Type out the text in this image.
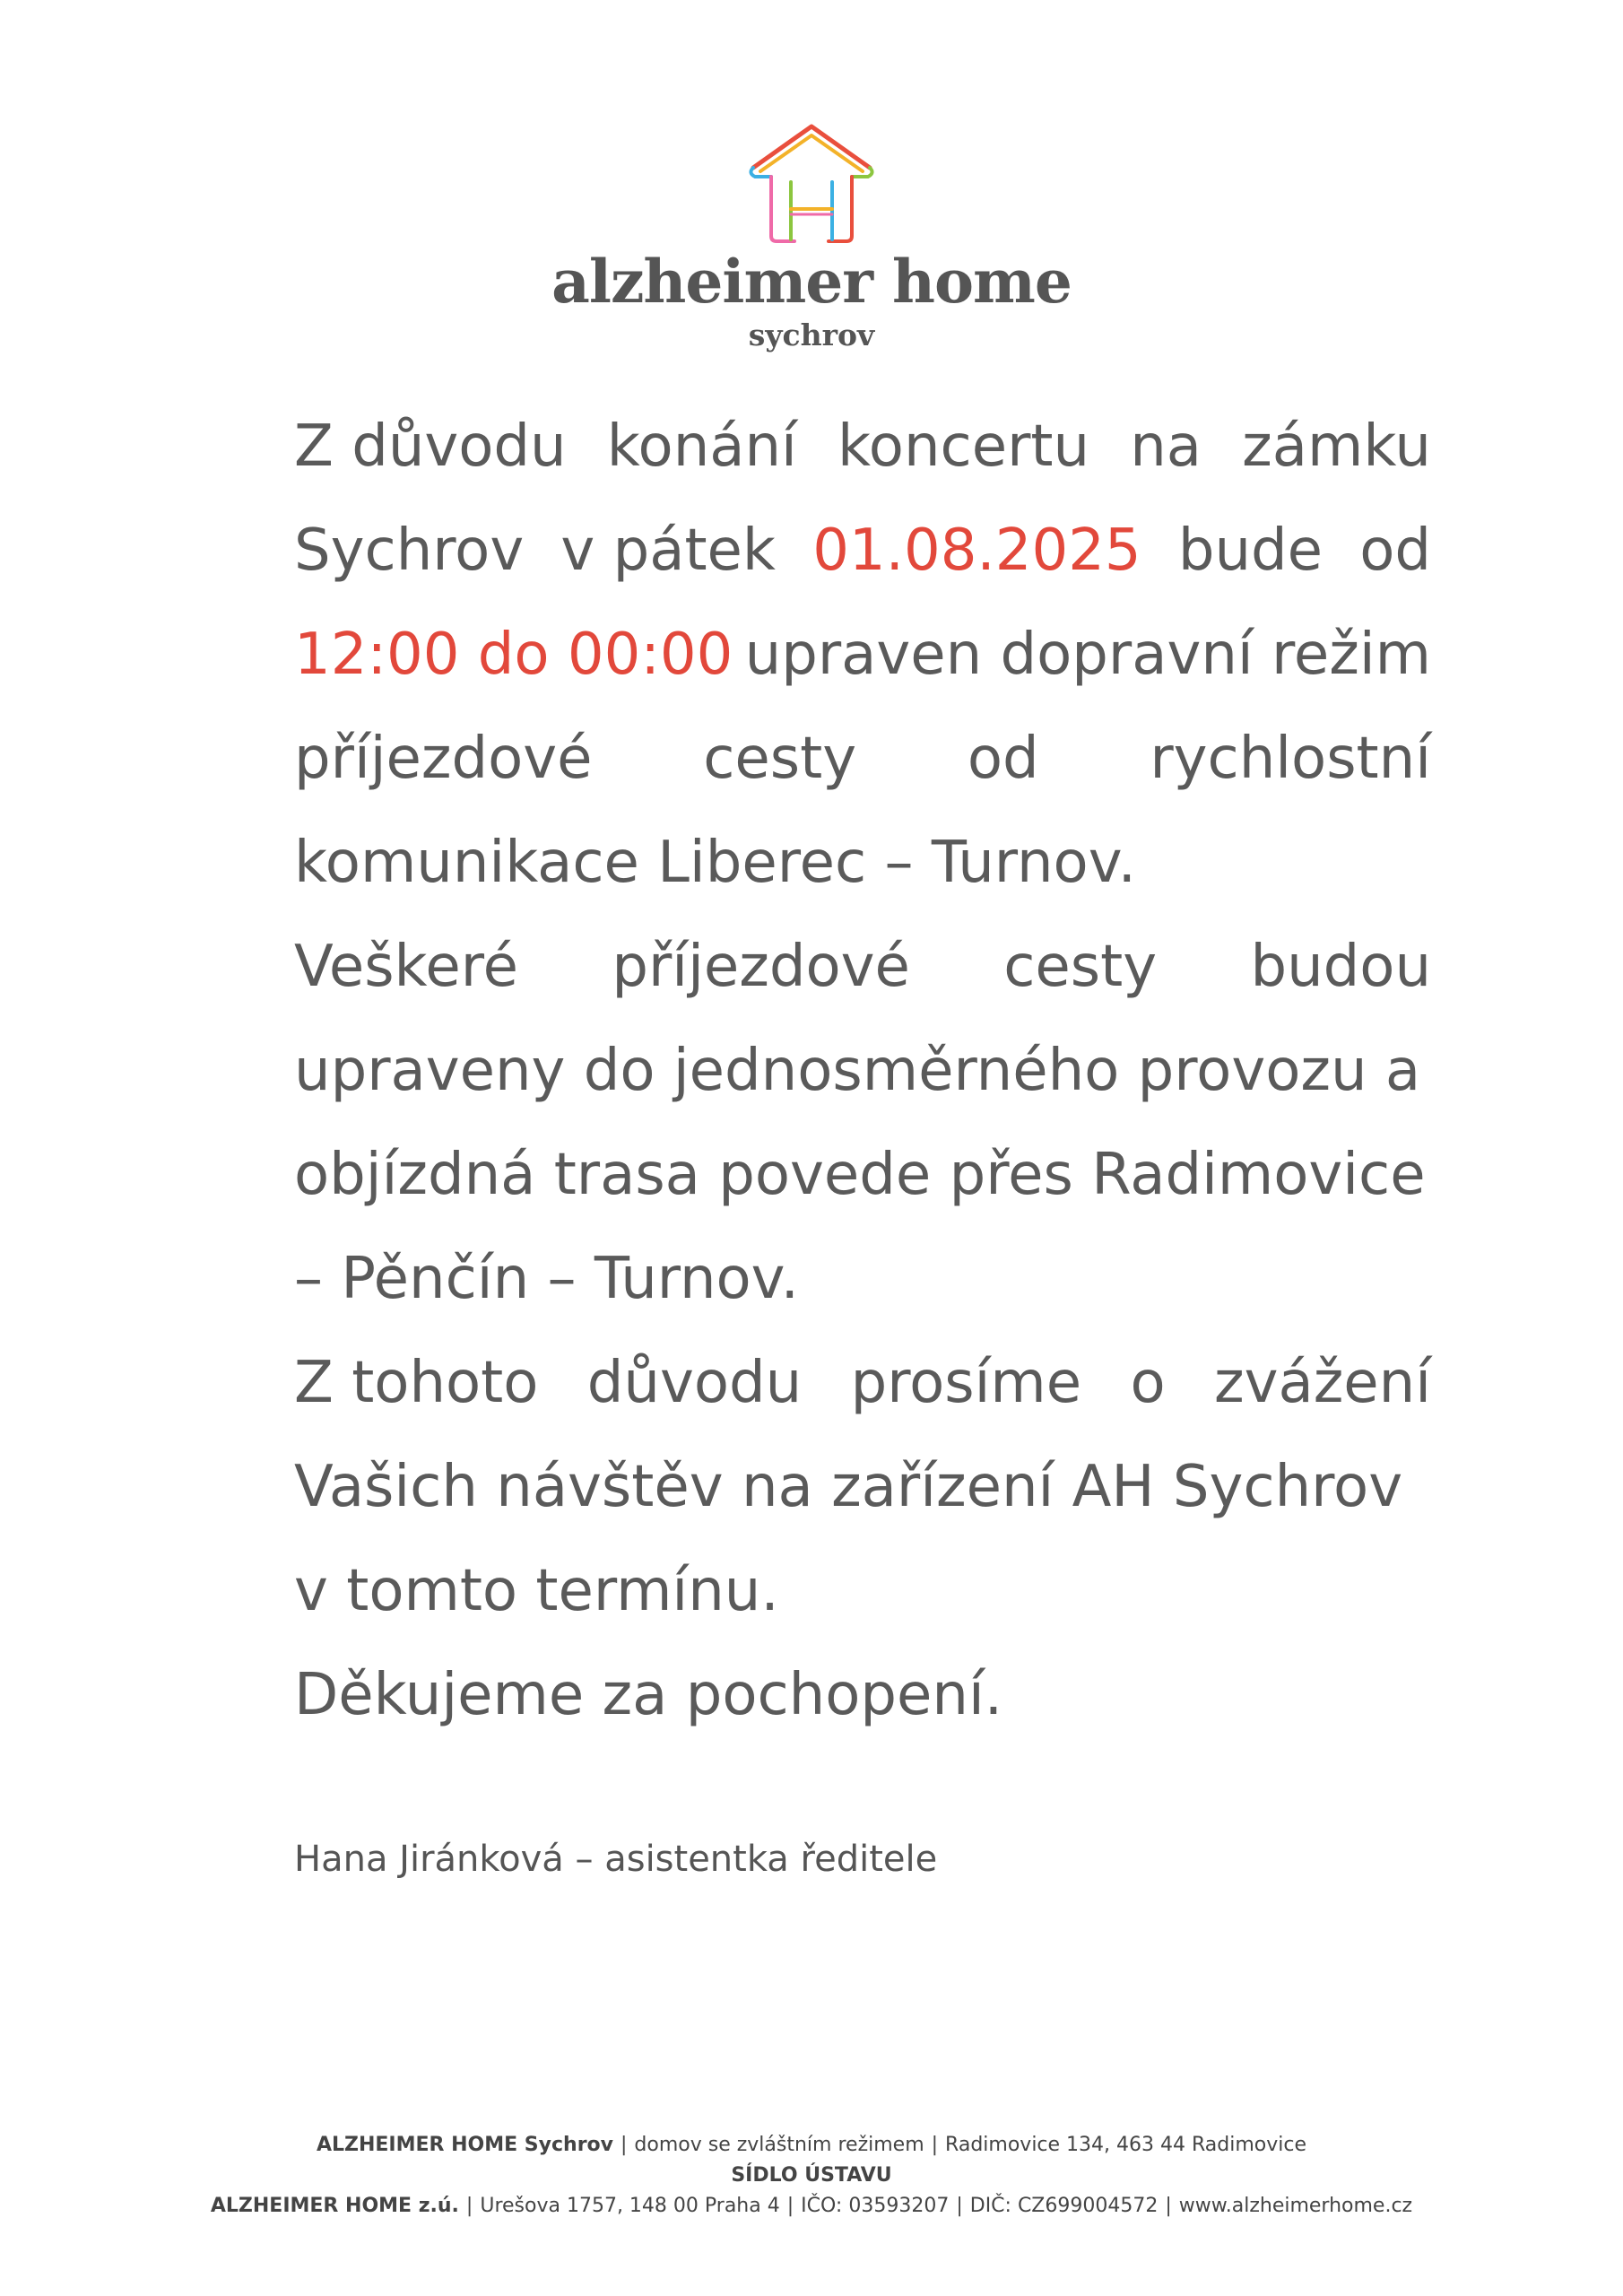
alzheimer home
sychrov
Z důvodu konání koncertu na zámku
Sychrov v pátek 01.08.2025 bude od
12:00 do 00:00 upraven dopravní režim
příjezdové cesty od rychlostní
komunikace Liberec – Turnov.
Veškeré příjezdové cesty budou
upraveny do jednosměrného provozu a
objízdná trasa povede přes Radimovice
– Pěnčín – Turnov.
Z tohoto důvodu prosíme o zvážení
Vašich návštěv na zařízení AH Sychrov
v tomto termínu.
Děkujeme za pochopení.
Hana Jiránková – asistentka ředitele
ALZHEIMER HOME Sychrov | domov se zvláštním režimem | Radimovice 134, 463 44 Radimovice
SÍDLO ÚSTAVU
ALZHEIMER HOME z.ú. | Urešova 1757, 148 00 Praha 4 | IČO: 03593207 | DIČ: CZ699004572 | www.alzheimerhome.cz
